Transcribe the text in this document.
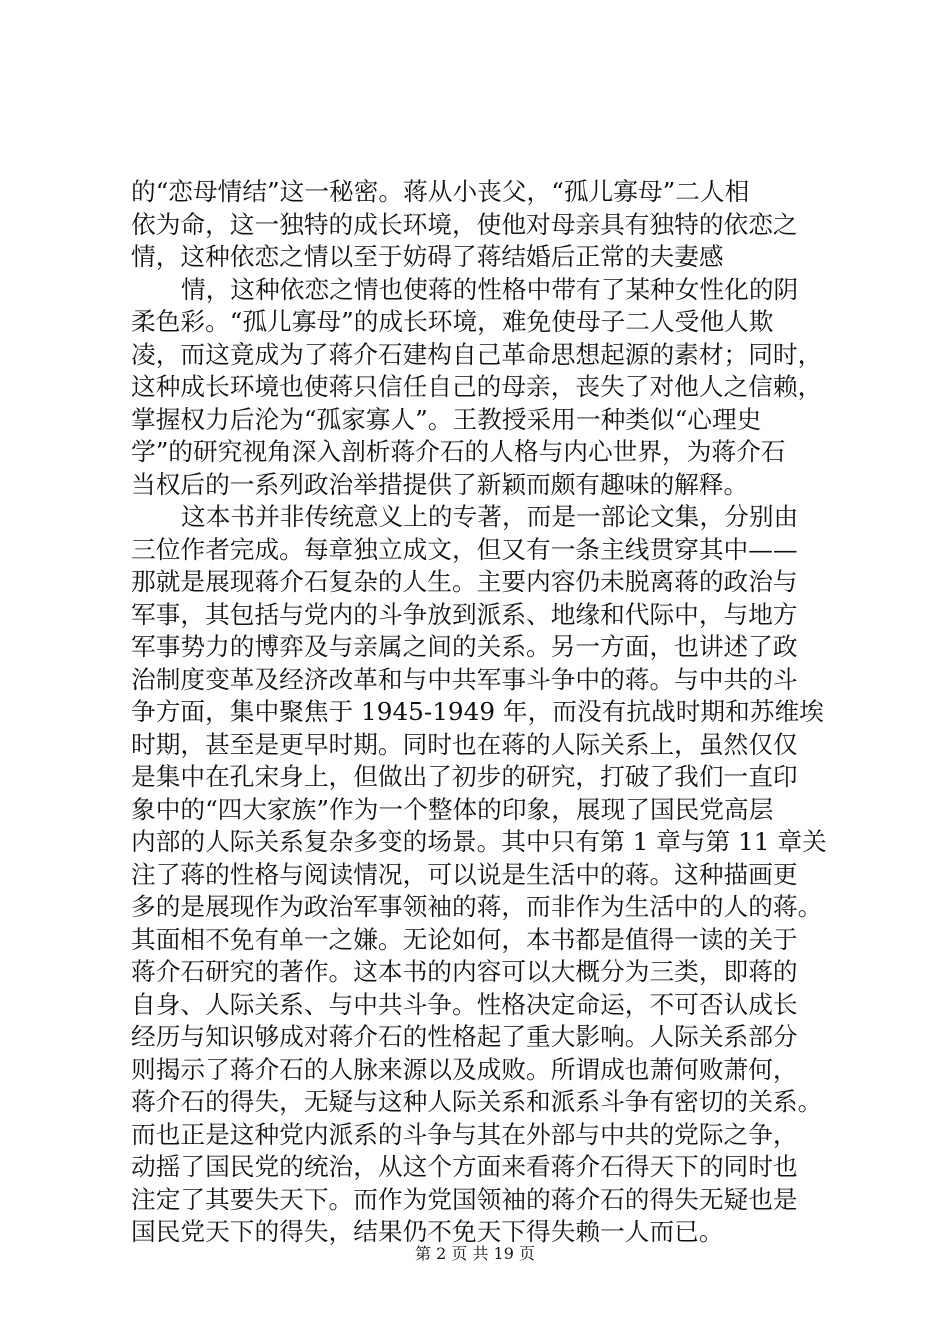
的“恋母情结”这一秘密。蒋从小丧父，“孤儿寡母”二人相
依为命，这一独特的成长环境，使他对母亲具有独特的依恋之
情，这种依恋之情以至于妨碍了蒋结婚后正常的夫妻感

情，这种依恋之情也使蒋的性格中带有了某种女性化的阴
柔色彩。“孤儿寡母”的成长环境，难免使母子二人受他人欺
凌，而这竟成为了蒋介石建构自己革命思想起源的素材；同时，
这种成长环境也使蒋只信任自己的母亲，丧失了对他人之信赖，
掌握权力后沦为“孤家寡人”。王教授采用一种类似“心理史
学”的研究视角深入剖析蒋介石的人格与内心世界，为蒋介石
当权后的一系列政治举措提供了新颖而颇有趣味的解释。

这本书并非传统意义上的专著，而是一部论文集，分别由
三位作者完成。每章独立成文，但又有一条主线贯穿其中——
那就是展现蒋介石复杂的人生。主要内容仍未脱离蒋的政治与
军事，其包括与党内的斗争放到派系、地缘和代际中，与地方
军事势力的博弈及与亲属之间的关系。另一方面，也讲述了政
治制度变革及经济改革和与中共军事斗争中的蒋。与中共的斗
争方面，集中聚焦于 1945-1949 年，而没有抗战时期和苏维埃
时期，甚至是更早时期。同时也在蒋的人际关系上，虽然仅仅
是集中在孔宋身上，但做出了初步的研究，打破了我们一直印
象中的“四大家族”作为一个整体的印象，展现了国民党高层
内部的人际关系复杂多变的场景。其中只有第 1 章与第 11 章关
注了蒋的性格与阅读情况，可以说是生活中的蒋。这种描画更
多的是展现作为政治军事领袖的蒋，而非作为生活中的人的蒋。
其面相不免有单一之嫌。无论如何，本书都是值得一读的关于
蒋介石研究的著作。这本书的内容可以大概分为三类，即蒋的
自身、人际关系、与中共斗争。性格决定命运，不可否认成长
经历与知识够成对蒋介石的性格起了重大影响。人际关系部分
则揭示了蒋介石的人脉来源以及成败。所谓成也萧何败萧何，
蒋介石的得失，无疑与这种人际关系和派系斗争有密切的关系。
而也正是这种党内派系的斗争与其在外部与中共的党际之争，
动摇了国民党的统治，从这个方面来看蒋介石得天下的同时也
注定了其要失天下。而作为党国领袖的蒋介石的得失无疑也是
国民党天下的得失，结果仍不免天下得失赖一人而已。

第 2 页 共 19 页
